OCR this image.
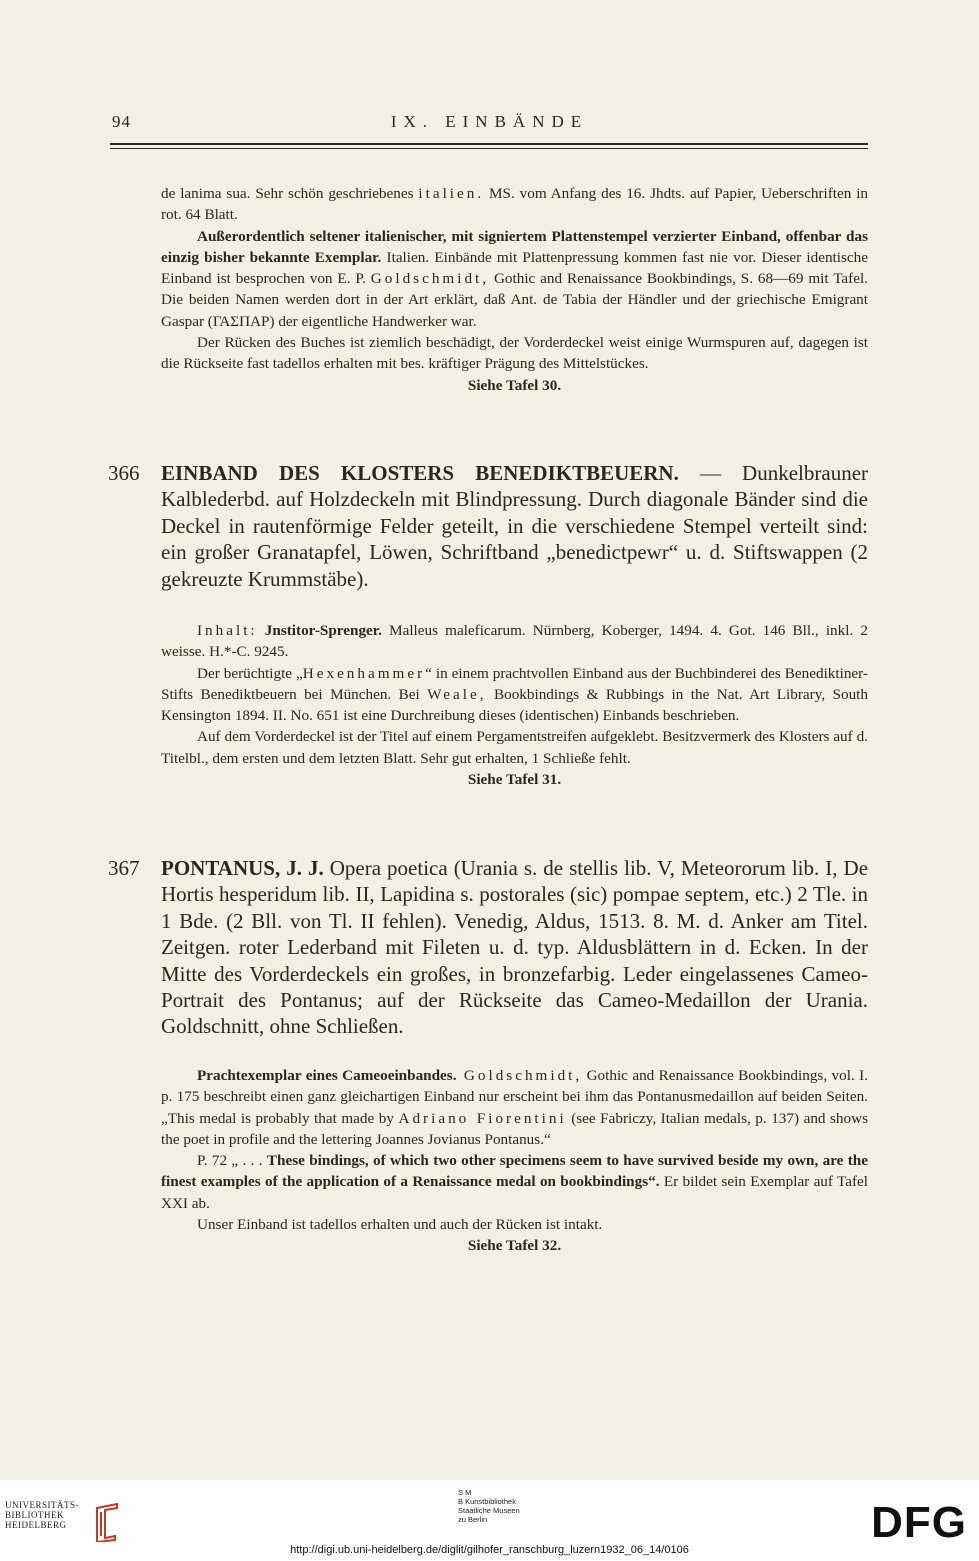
94	IX. EINBÄNDE

de lanima sua. Sehr schön geschriebenes italien. MS. vom Anfang des 16. Jhdts. auf Papier, Ueberschriften in rot. 64 Blatt.

Außerordentlich seltener italienischer, mit signiertem Plattenstempel verzierter Einband, offenbar das einzig bisher bekannte Exemplar. Italien. Einbände mit Plattenpressung kommen fast nie vor. Dieser identische Einband ist besprochen von E. P. Goldschmidt, Gothic and Renaissance Bookbindings, S. 68—69 mit Tafel. Die beiden Namen werden dort in der Art erklärt, daß Ant. de Tabia der Händler und der griechische Emigrant Gaspar (ΓΑΣΠΑΡ) der eigentliche Handwerker war.

Der Rücken des Buches ist ziemlich beschädigt, der Vorderdeckel weist einige Wurmspuren auf, dagegen ist die Rückseite fast tadellos erhalten mit bes. kräftiger Prägung des Mittelstückes.

Siehe Tafel 30.

366 EINBAND DES KLOSTERS BENEDIKTBEUERN. — Dunkelbrauner Kalblederbd. auf Holzdeckeln mit Blindpressung. Durch diagonale Bänder sind die Deckel in rautenförmige Felder geteilt, in die verschiedene Stempel verteilt sind: ein großer Granatapfel, Löwen, Schriftband „benedictpewr“ u. d. Stiftswappen (2 gekreuzte Krummstäbe).

Inhalt: Jnstitor-Sprenger. Malleus maleficarum. Nürnberg, Koberger, 1494. 4. Got. 146 Bll., inkl. 2 weisse. H.*-C. 9245.

Der berüchtigte „Hexenhammer“ in einem prachtvollen Einband aus der Buchbinderei des Benediktiner-Stifts Benediktbeuern bei München. Bei Weale, Bookbindings & Rubbings in the Nat. Art Library, South Kensington 1894. II. No. 651 ist eine Durchreibung dieses (identischen) Einbands beschrieben.

Auf dem Vorderdeckel ist der Titel auf einem Pergamentstreifen aufgeklebt. Besitzvermerk des Klosters auf d. Titelbl., dem ersten und dem letzten Blatt. Sehr gut erhalten, 1 Schließe fehlt.

Siehe Tafel 31.

367 PONTANUS, J. J. Opera poetica (Urania s. de stellis lib. V, Meteororum lib. I, De Hortis hesperidum lib. II, Lapidina s. postorales (sic) pompae septem, etc.) 2 Tle. in 1 Bde. (2 Bll. von Tl. II fehlen). Venedig, Aldus, 1513. 8. M. d. Anker am Titel. Zeitgen. roter Lederband mit Fileten u. d. typ. Aldusblättern in d. Ecken. In der Mitte des Vorderdeckels ein großes, in bronzefarbig. Leder eingelassenes Cameo-Portrait des Pontanus; auf der Rückseite das Cameo-Medaillon der Urania. Goldschnitt, ohne Schließen.

Prachtexemplar eines Cameoeinbandes. Goldschmidt, Gothic and Renaissance Bookbindings, vol. I. p. 175 beschreibt einen ganz gleichartigen Einband nur erscheint bei ihm das Pontanusmedaillon auf beiden Seiten. „This medal is probably that made by Adriano Fiorentini (see Fabriczy, Italian medals, p. 137) and shows the poet in profile and the lettering Joannes Jovianus Pontanus.“

P. 72 „ . . . These bindings, of which two other specimens seem to have survived beside my own, are the finest examples of the application of a Renaissance medal on bookbindings“. Er bildet sein Exemplar auf Tafel XXI ab.

Unser Einband ist tadellos erhalten und auch der Rücken ist intakt.

Siehe Tafel 32.

UNIVERSITÄTS-
BIBLIOTHEK
HEIDELBERG
S M
B Kunstbibliothek
Staatliche Museen
zu Berlin	DFG
http://digi.ub.uni-heidelberg.de/diglit/gilhofer_ranschburg_luzern1932_06_14/0106
